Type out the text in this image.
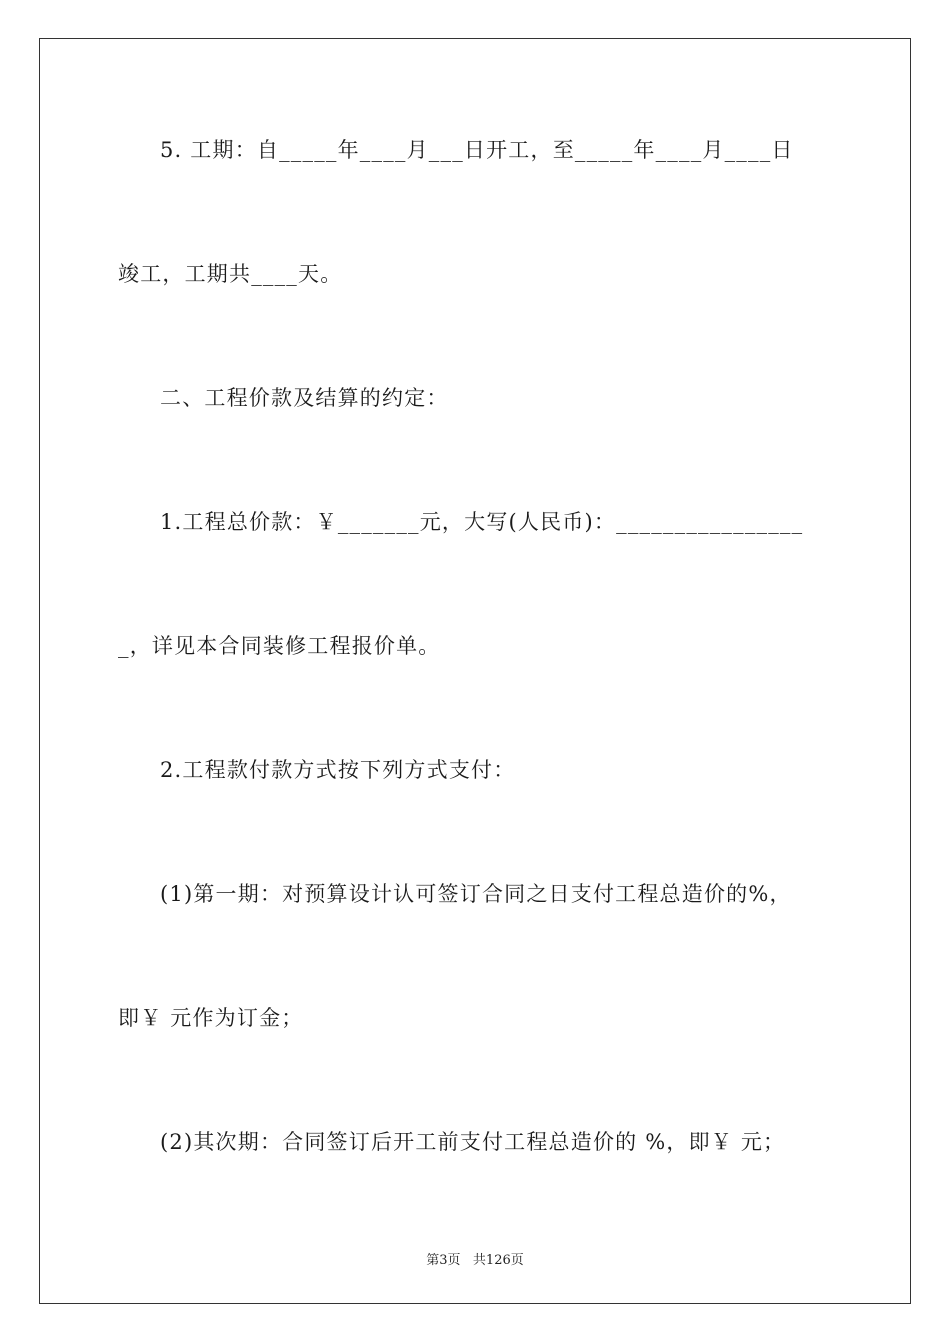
5. 工期：自_____年____月___日开工，至_____年____月____日
竣工，工期共____天。
二、工程价款及结算的约定：
1.工程总价款：￥_______元，大写(人民币)：________________
_，详见本合同装修工程报价单。
2.工程款付款方式按下列方式支付：
(1)第一期：对预算设计认可签订合同之日支付工程总造价的%，
即￥ 元作为订金；
(2)其次期：合同签订后开工前支付工程总造价的 %，即￥ 元；
第3页   共126页
